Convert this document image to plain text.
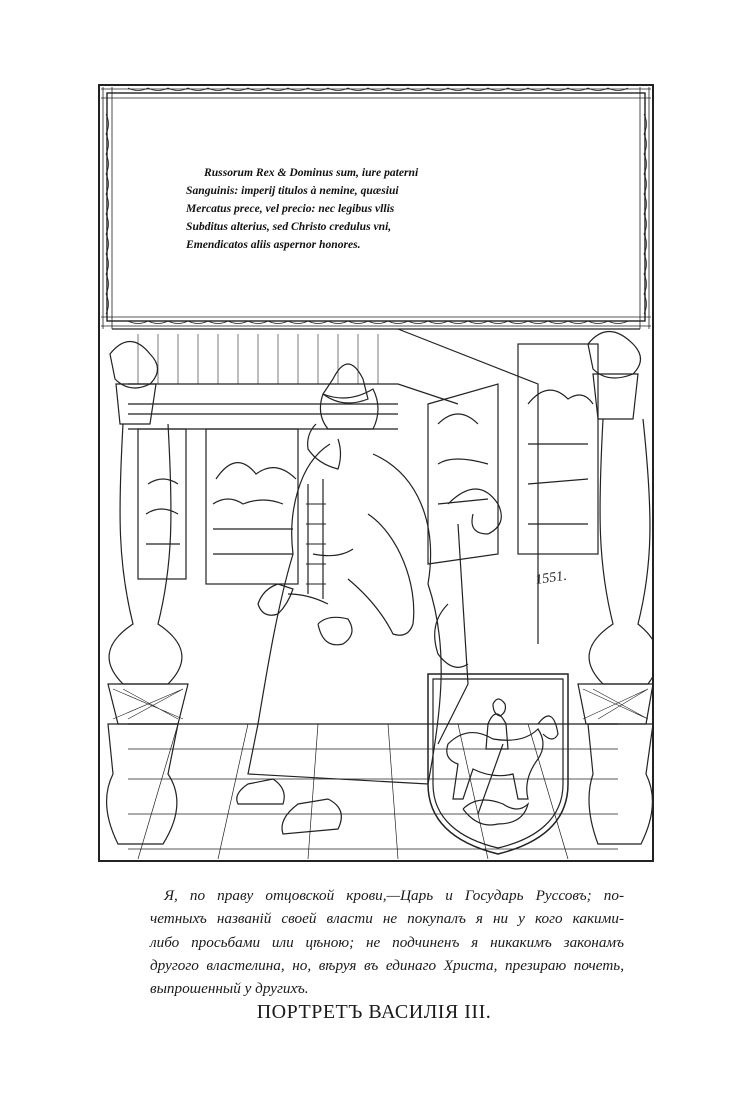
1551.
Russorum Rex & Dominus sum, iure paterni
Sanguinis: imperij titulos à nemine, quæsiui
Mercatus prece, vel precio: nec legibus vllis
Subditus alterius, sed Christo credulus vni,
Emendicatos aliis aspernor honores.
Я, по праву отцовской крови,—Царь и Государь Руссовъ; по-
четныхъ названій своей власти не покупалъ я ни у кого какими-
либо просьбами или цѣною; не подчиненъ я никакимъ законамъ
другого властелина, но, вѣруя въ единаго Христа, презираю почеть,
выпрошенный у другихъ.
ПОРТРЕТЪ ВАСИЛІЯ III.
